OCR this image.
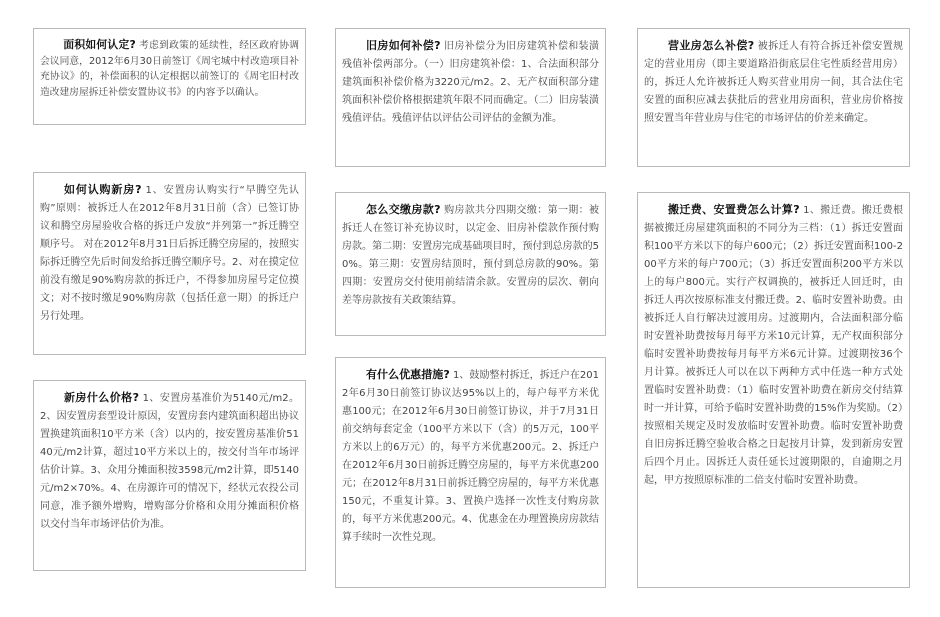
面积如何认定? 考虑到政策的延续性，经区政府协调会议同意，2012年6月30日前签订《周宅城中村改造项目补充协议》的，补偿面积的认定根据以前签订的《周宅旧村改造改建房屋拆迁补偿安置协议书》的内容予以确认。
如何认购新房? 1、安置房认购实行“早腾空先认购”原则：被拆迁人在2012年8月31日前（含）已签订协议和腾空房屋验收合格的拆迁户发放“并列第一”拆迁腾空顺序号。 对在2012年8月31日后拆迁腾空房屋的，按照实际拆迁腾空先后时间发给拆迁腾空顺序号。2、对在摸定位前没有缴足90%购房款的拆迁户，不得参加房屋号定位摸文；对不按时缴足90%购房款（包括任意一期）的拆迁户另行处理。
新房什么价格? 1、安置房基准价为5140元/m2。2、因安置房套型设计原因，安置房套内建筑面积超出协议置换建筑面积10平方米（含）以内的，按安置房基准价5140元/m2计算，超过10平方米以上的，按交付当年市场评估价计算。3、众用分摊面积按3598元/m2计算，即5140元/m2×70%。4、在房源许可的情况下，经状元农投公司同意，准予额外增购，增购部分价格和众用分摊面积价格以交付当年市场评估价为准。
旧房如何补偿? 旧房补偿分为旧房建筑补偿和装潢残值补偿两部分。（一）旧房建筑补偿：1、合法面积部分建筑面积补偿价格为3220元/m2。2、无产权面积部分建筑面积补偿价格根据建筑年限不同而确定。（二）旧房装潢残值评估。残值评估以评估公司评估的金额为准。
怎么交缴房款? 购房款共分四期交缴：第一期：被拆迁人在签订补充协议时，以定金、旧房补偿款作预付购房款。第二期：安置房完成基础项目时，预付到总房款的50%。第三期：安置房结顶时，预付到总房款的90%。第四期：安置房交付使用前结清余款。安置房的层次、朝向差等房款按有关政策结算。
有什么优惠措施? 1、鼓励整村拆迁，拆迁户在2012年6月30日前签订协议达95%以上的，每户每平方米优惠100元；在2012年6月30日前签订协议，并于7月31日前交纳每套定金（100平方米以下（含）的5万元，100平方米以上的6万元）的，每平方米优惠200元。2、拆迁户在2012年6月30日前拆迁腾空房屋的，每平方米优惠200元；在2012年8月31日前拆迁腾空房屋的，每平方米优惠150元，不重复计算。3、置换户选择一次性支付购房款的，每平方米优惠200元。4、优惠金在办理置换房房款结算手续时一次性兑现。
营业房怎么补偿? 被拆迁人有符合拆迁补偿安置规定的营业用房（即主要道路沿街底层住宅性质经营用房）的，拆迁人允许被拆迁人购买营业用房一间，其合法住宅安置的面积应减去获批后的营业用房面积，营业房价格按照安置当年营业房与住宅的市场评估的价差来确定。
搬迁费、安置费怎么计算? 1、搬迁费。搬迁费根据被搬迁房屋建筑面积的不同分为三档：（1）拆迁安置面积100平方米以下的每户600元；（2）拆迁安置面积100-200平方米的每户700元；（3）拆迁安置面积200平方米以上的每户800元。实行产权调换的，被拆迁人回迁时，由拆迁人再次按原标准支付搬迁费。2、临时安置补助费。由被拆迁人自行解决过渡用房。过渡期内，合法面积部分临时安置补助费按每月每平方米10元计算，无产权面积部分临时安置补助费按每月每平方米6元计算。过渡期按36个月计算。被拆迁人可以在以下两种方式中任选一种方式处置临时安置补助费：（1）临时安置补助费在新房交付结算时一并计算，可给予临时安置补助费的15%作为奖励。（2）按照相关规定及时发放临时安置补助费。临时安置补助费自旧房拆迁腾空验收合格之日起按月计算，发到新房安置后四个月止。因拆迁人责任延长过渡期限的，自逾期之月起，甲方按照原标准的二倍支付临时安置补助费。
